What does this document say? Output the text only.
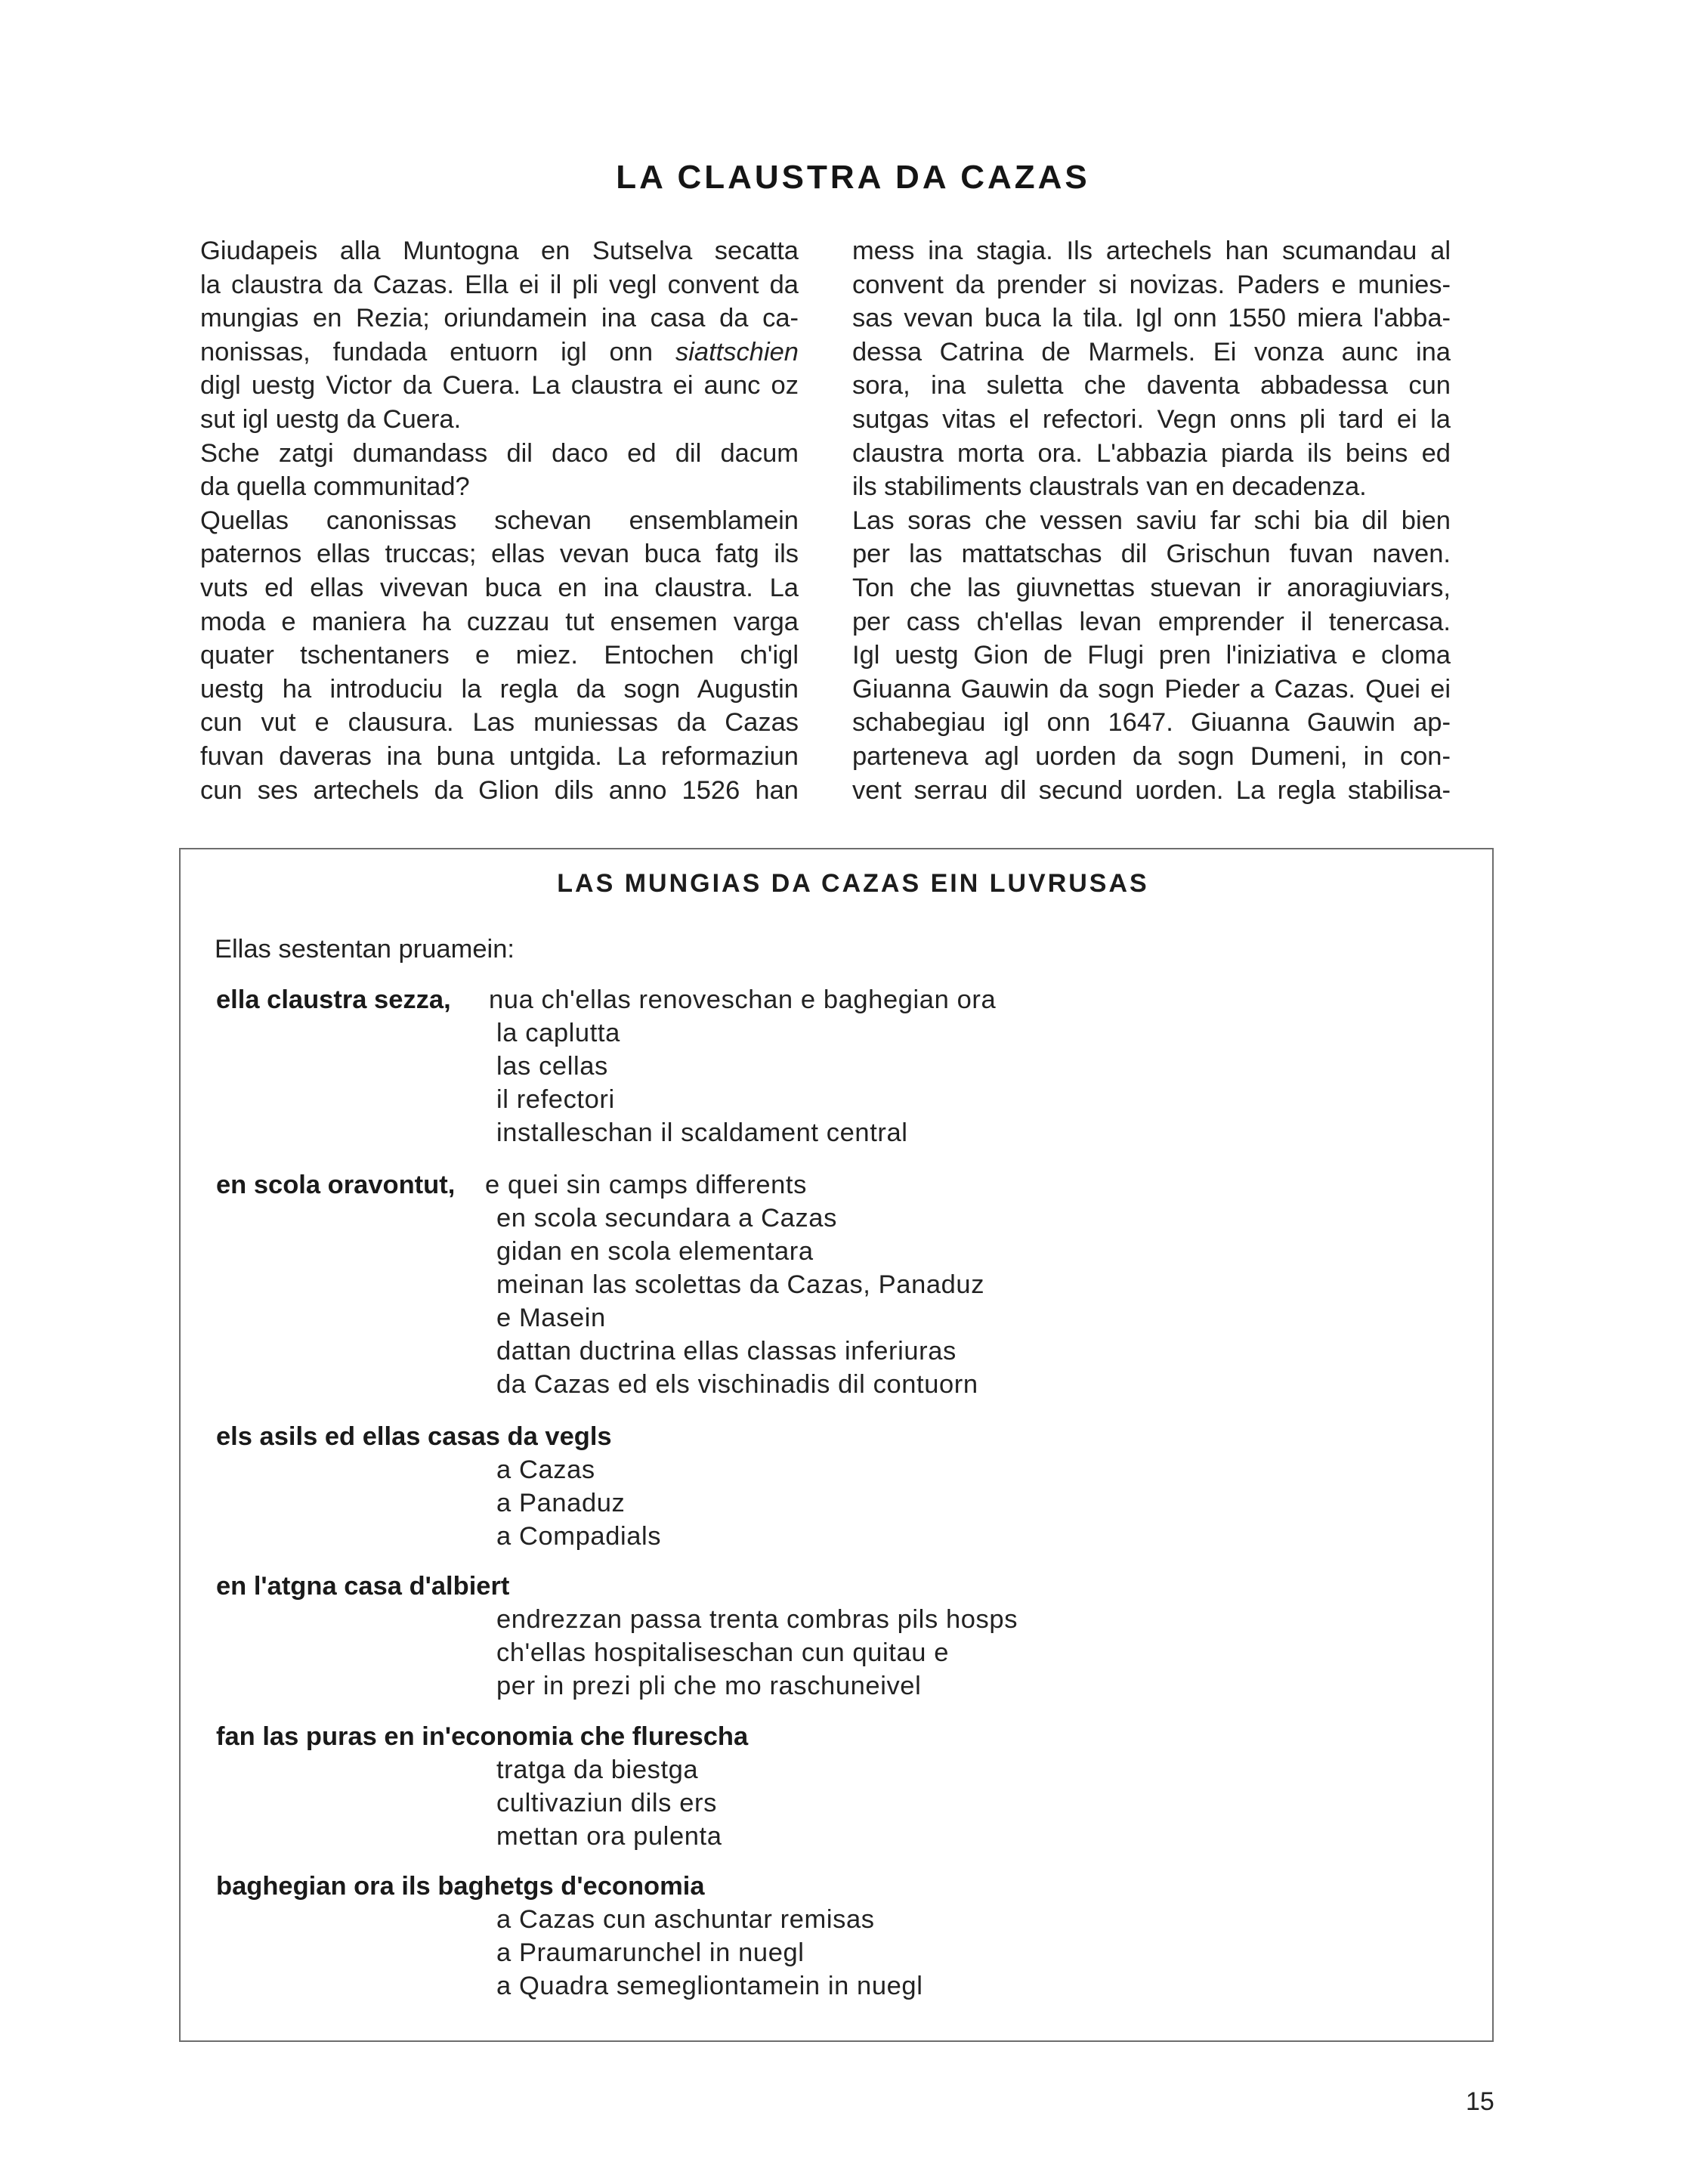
LA CLAUSTRA DA CAZAS
Giudapeis alla Muntogna en Sutselva secatta
la claustra da Cazas. Ella ei il pli vegl convent da
mungias en Rezia; oriundamein ina casa da ca-
nonissas, fundada entuorn igl onn siattschien
digl uestg Victor da Cuera. La claustra ei aunc oz
sut igl uestg da Cuera.
Sche zatgi dumandass dil daco ed dil dacum
da quella communitad?
Quellas canonissas schevan ensemblamein
paternos ellas truccas; ellas vevan buca fatg ils
vuts ed ellas vivevan buca en ina claustra. La
moda e maniera ha cuzzau tut ensemen varga
quater tschentaners e miez. Entochen ch'igl
uestg ha introduciu la regla da sogn Augustin
cun vut e clausura. Las muniessas da Cazas
fuvan daveras ina buna untgida. La reformaziun
cun ses artechels da Glion dils anno 1526 han
mess ina stagia. Ils artechels han scumandau al
convent da prender si novizas. Paders e munies-
sas vevan buca la tila. Igl onn 1550 miera l'abba-
dessa Catrina de Marmels. Ei vonza aunc ina
sora, ina suletta che daventa abbadessa cun
sutgas vitas el refectori. Vegn onns pli tard ei la
claustra morta ora. L'abbazia piarda ils beins ed
ils stabiliments claustrals van en decadenza.
Las soras che vessen saviu far schi bia dil bien
per las mattatschas dil Grischun fuvan naven.
Ton che las giuvnettas stuevan ir anoragiuviars,
per cass ch'ellas levan emprender il tenercasa.
Igl uestg Gion de Flugi pren l'iniziativa e cloma
Giuanna Gauwin da sogn Pieder a Cazas. Quei ei
schabegiau igl onn 1647. Giuanna Gauwin ap-
parteneva agl uorden da sogn Dumeni, in con-
vent serrau dil secund uorden. La regla stabilisa-
LAS MUNGIAS DA CAZAS EIN LUVRUSAS
Ellas sestentan pruamein:
ella claustra sezza, nua ch'ellas renoveschan e baghegian ora
la caplutta
las cellas
il refectori
installeschan il scaldament central
en scola oravontut, e quei sin camps differents
en scola secundara a Cazas
gidan en scola elementara
meinan las scolettas da Cazas, Panaduz
e Masein
dattan ductrina ellas classas inferiuras
da Cazas ed els vischinadis dil contuorn
els asils ed ellas casas da vegls
a Cazas
a Panaduz
a Compadials
en l'atgna casa d'albiert
endrezzan passa trenta combras pils hosps
ch'ellas hospitaliseschan cun quitau e
per in prezi pli che mo raschuneivel
fan las puras en in'economia che flurescha
tratga da biestga
cultivaziun dils ers
mettan ora pulenta
baghegian ora ils baghetgs d'economia
a Cazas cun aschuntar remisas
a Praumarunchel in nuegl
a Quadra semegliontamein in nuegl
15
